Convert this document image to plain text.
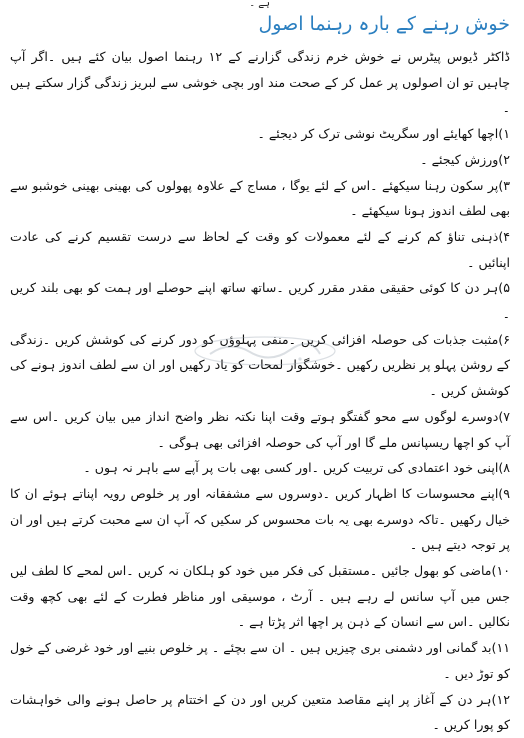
ہے ۔
خوش رہنے کے بارہ رہنما اصول

ڈاکٹر ڈیوس پیٹرس نے خوش خرم زندگی گزارنے کے ۱۲ رہنما اصول بیان کئے ہیں ۔اگر آپ چاہیں تو ان اصولوں پر عمل کر کے صحت مند اور بچی خوشی سے لبریز زندگی گزار سکتے ہیں ۔

۱)اچھا کھایئے اور سگریٹ نوشی ترک کر دیجئے ۔

۲)ورزش کیجئے ۔

۳)پر سکون رہنا سیکھئے ۔اس کے لئے یوگا ، مساج کے علاوہ پھولوں کی بھینی بھینی خوشبو سے بھی لطف اندوز ہونا سیکھئے ۔

۴)ذہنی تناؤ کم کرنے کے لئے معمولات کو وقت کے لحاظ سے درست تقسیم کرنے کی عادت اپنائیں ۔

۵)ہر دن کا کوئی حقیقی مقدر مقرر کریں ۔ساتھ ساتھ اپنے حوصلے اور ہمت کو بھی بلند کریں ۔

۶)مثبت جذبات کی حوصلہ افزائی کریں ۔منفی پہلوؤں کو دور کرنے کی کوشش کریں ۔زندگی کے روشن پہلو پر نظریں رکھیں ۔خوشگوار لمحات کو یاد رکھیں اور ان سے لطف اندوز ہونے کی کوشش کریں ۔

۷)دوسرے لوگوں سے محو گفتگو ہوتے وقت اپنا نکتہ نظر واضح انداز میں بیان کریں ۔اس سے آپ کو اچھا ریسپانس ملے گا اور آپ کی حوصلہ افزائی بھی ہوگی ۔

۸)اپنی خود اعتمادی کی تربیت کریں ۔اور کسی بھی بات پر آپے سے باہر نہ ہوں ۔

۹)اپنے محسوسات کا اظہار کریں ۔دوسروں سے مشفقانہ اور پر خلوص رویہ اپناتے ہوئے ان کا خیال رکھیں ۔تاکہ دوسرے بھی یہ بات محسوس کر سکیں کہ آپ ان سے محبت کرتے ہیں اور ان پر توجہ دیتے ہیں ۔

۱۰)ماضی کو بھول جائیں ۔مستقبل کی فکر میں خود کو ہلکان نہ کریں ۔اس لمحے کا لطف لیں جس میں آپ سانس لے رہے ہیں ۔ آرٹ ، موسیقی اور مناظر فطرت کے لئے بھی کچھ وقت نکالیں ۔اس سے انسان کے ذہن پر اچھا اثر پڑتا ہے ۔

۱۱)بد گمانی اور دشمنی بری چیزیں ہیں ۔ ان سے بچئے ۔ پر خلوص بنیے اور خود غرضی کے خول کو توڑ دیں ۔

۱۲)ہر دن کے آغاز پر اپنے مقاصد متعین کریں اور دن کے اختتام پر حاصل ہونے والی خواہشات کو پورا کریں ۔
